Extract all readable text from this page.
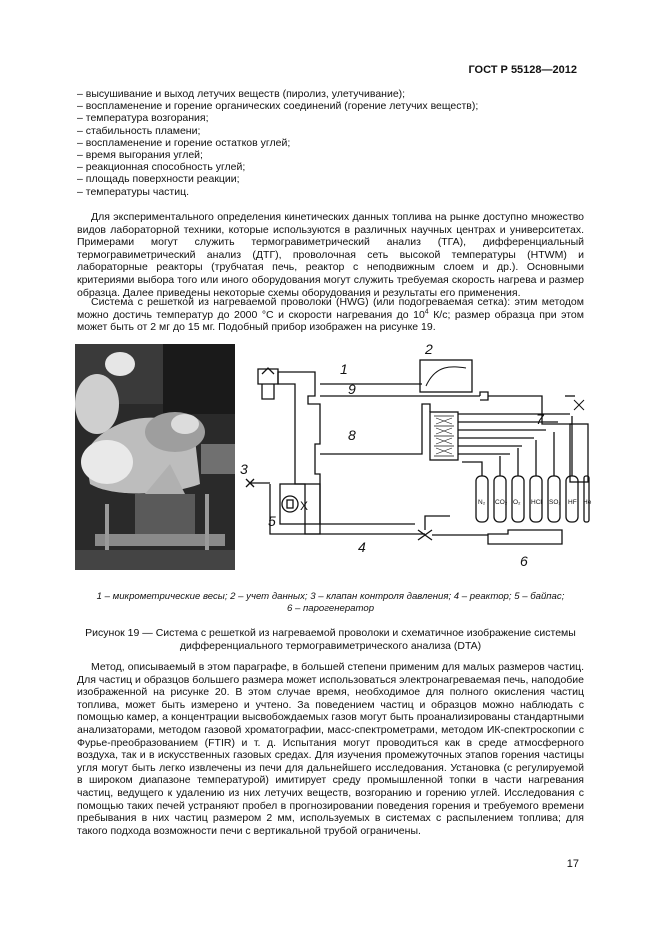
ГОСТ Р 55128—2012
– высушивание и выход летучих веществ (пиролиз, улетучивание);
– воспламенение и горение органических соединений (горение летучих веществ);
– температура возгорания;
– стабильность пламени;
– воспламенение и горение остатков углей;
– время выгорания углей;
– реакционная способность углей;
– площадь поверхности реакции;
– температуры частиц.
Для экспериментального определения кинетических данных топлива на рынке доступно множество видов лабораторной техники, которые используются в различных научных центрах и университетах. Примерами могут служить термогравиметрический анализ (ТГА), дифференциальный термогравиметрический анализ (ДТГ), проволочная сеть высокой температуры (HTWM) и лабораторные реакторы (трубчатая печь, реактор с неподвижным слоем и др.). Основными критериями выбора того или иного оборудования могут служить требуемая скорость нагрева и размер образца. Далее приведены некоторые схемы оборудования и результаты его применения.
Система с решеткой из нагреваемой проволоки (HWG) (или подогреваемая сетка): этим методом можно достичь температур до 2000 °С и скорости нагревания до $10^4$ К/с; размер образца при этом может быть от 2 мг до 15 мг. Подобный прибор изображен на рисунке 19.
X
1
2
3
4
5
6
7
8
9
N₂ CO₂ O₂ HCl SO₂ HF He
1 – микрометрические весы; 2 – учет данных; 3 – клапан контроля давления; 4 – реактор; 5 – байпас;
6 – парогенератор
Рисунок 19 — Система с решеткой из нагреваемой проволоки и схематичное изображение системы
дифференциального термогравиметрического анализа (DTA)
Метод, описываемый в этом параграфе, в большей степени применим для малых размеров частиц. Для частиц и образцов большего размера может использоваться электронагреваемая печь, наподобие изображенной на рисунке 20. В этом случае время, необходимое для полного окисления частиц топлива, может быть измерено и учтено. За поведением частиц и образцов можно наблюдать с помощью камер, а концентрации высвобождаемых газов могут быть проанализированы стандартными анализаторами, методом газовой хроматографии, масс-спектрометрами, методом ИК-спектроскопии с Фурье-преобразованием (FTIR) и т. д. Испытания могут проводиться как в среде атмосферного воздуха, так и в искусственных газовых средах. Для изучения промежуточных этапов горения частицы угля могут быть легко извлечены из печи для дальнейшего исследования. Установка (с регулируемой в широком диапазоне температурой) имитирует среду промышленной топки в части нагревания частиц, ведущего к удалению из них летучих веществ, возгоранию и горению углей. Исследования с помощью таких печей устраняют пробел в прогнозировании поведения горения и требуемого времени пребывания в них частиц размером 2 мм, используемых в системах с распылением топлива; для такого подхода возможности печи с вертикальной трубой ограничены.
17
